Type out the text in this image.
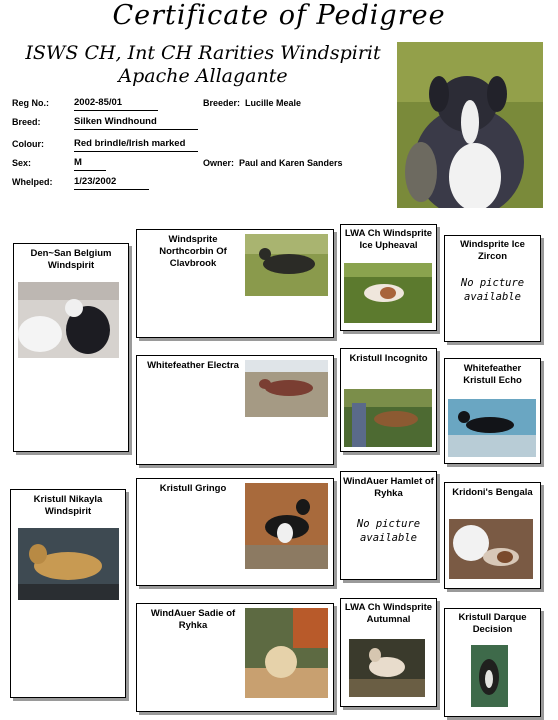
Certificate of Pedigree
ISWS CH, Int CH Rarities Windspirit
Apache Allagante
Reg No.:	2002-85/01
Breed:	Silken Windhound
Colour:	Red brindle/Irish marked
Sex:	M
Whelped: 1/23/2002
Breeder: Lucille Meale
Owner: Paul and Karen Sanders
Den~San Belgium Windspirit
Kristull Nikayla Windspirit
Windsprite Northcorbin Of Clavbrook
Whitefeather Electra
Kristull Gringo
WindAuer Sadie of Ryhka
LWA Ch Windsprite Ice Upheaval
Kristull Incognito
WindAuer Hamlet of Ryhka
No picture available
LWA Ch Windsprite Autumnal
Windsprite Ice Zircon
No picture available
Whitefeather Kristull Echo
Kridoni's Bengala
Kristull Darque Decision
